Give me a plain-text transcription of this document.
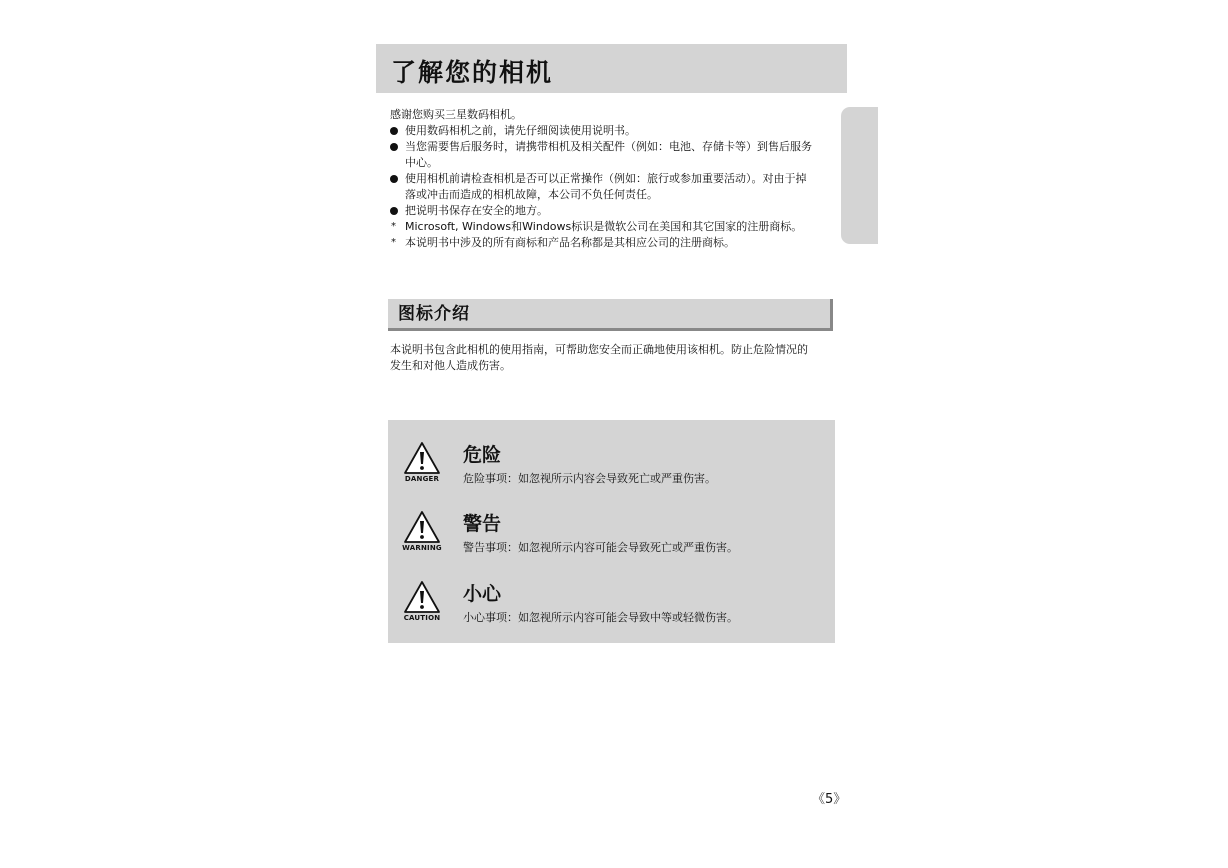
了解您的相机
感谢您购买三星数码相机。
使用数码相机之前，请先仔细阅读使用说明书。
当您需要售后服务时，请携带相机及相关配件（例如：电池、存储卡等）到售后服务
中心。
使用相机前请检查相机是否可以正常操作（例如：旅行或参加重要活动）。对由于掉
落或冲击而造成的相机故障，本公司不负任何责任。
把说明书保存在安全的地方。
* Microsoft, Windows和Windows标识是微软公司在美国和其它国家的注册商标。
* 本说明书中涉及的所有商标和产品名称都是其相应公司的注册商标。
图标介绍
本说明书包含此相机的使用指南，可帮助您安全而正确地使用该相机。防止危险情况的
发生和对他人造成伤害。
DANGER
危险
危险事项：如忽视所示内容会导致死亡或严重伤害。
WARNING
警告
警告事项：如忽视所示内容可能会导致死亡或严重伤害。
CAUTION
小心
小心事项：如忽视所示内容可能会导致中等或轻微伤害。
《5》
